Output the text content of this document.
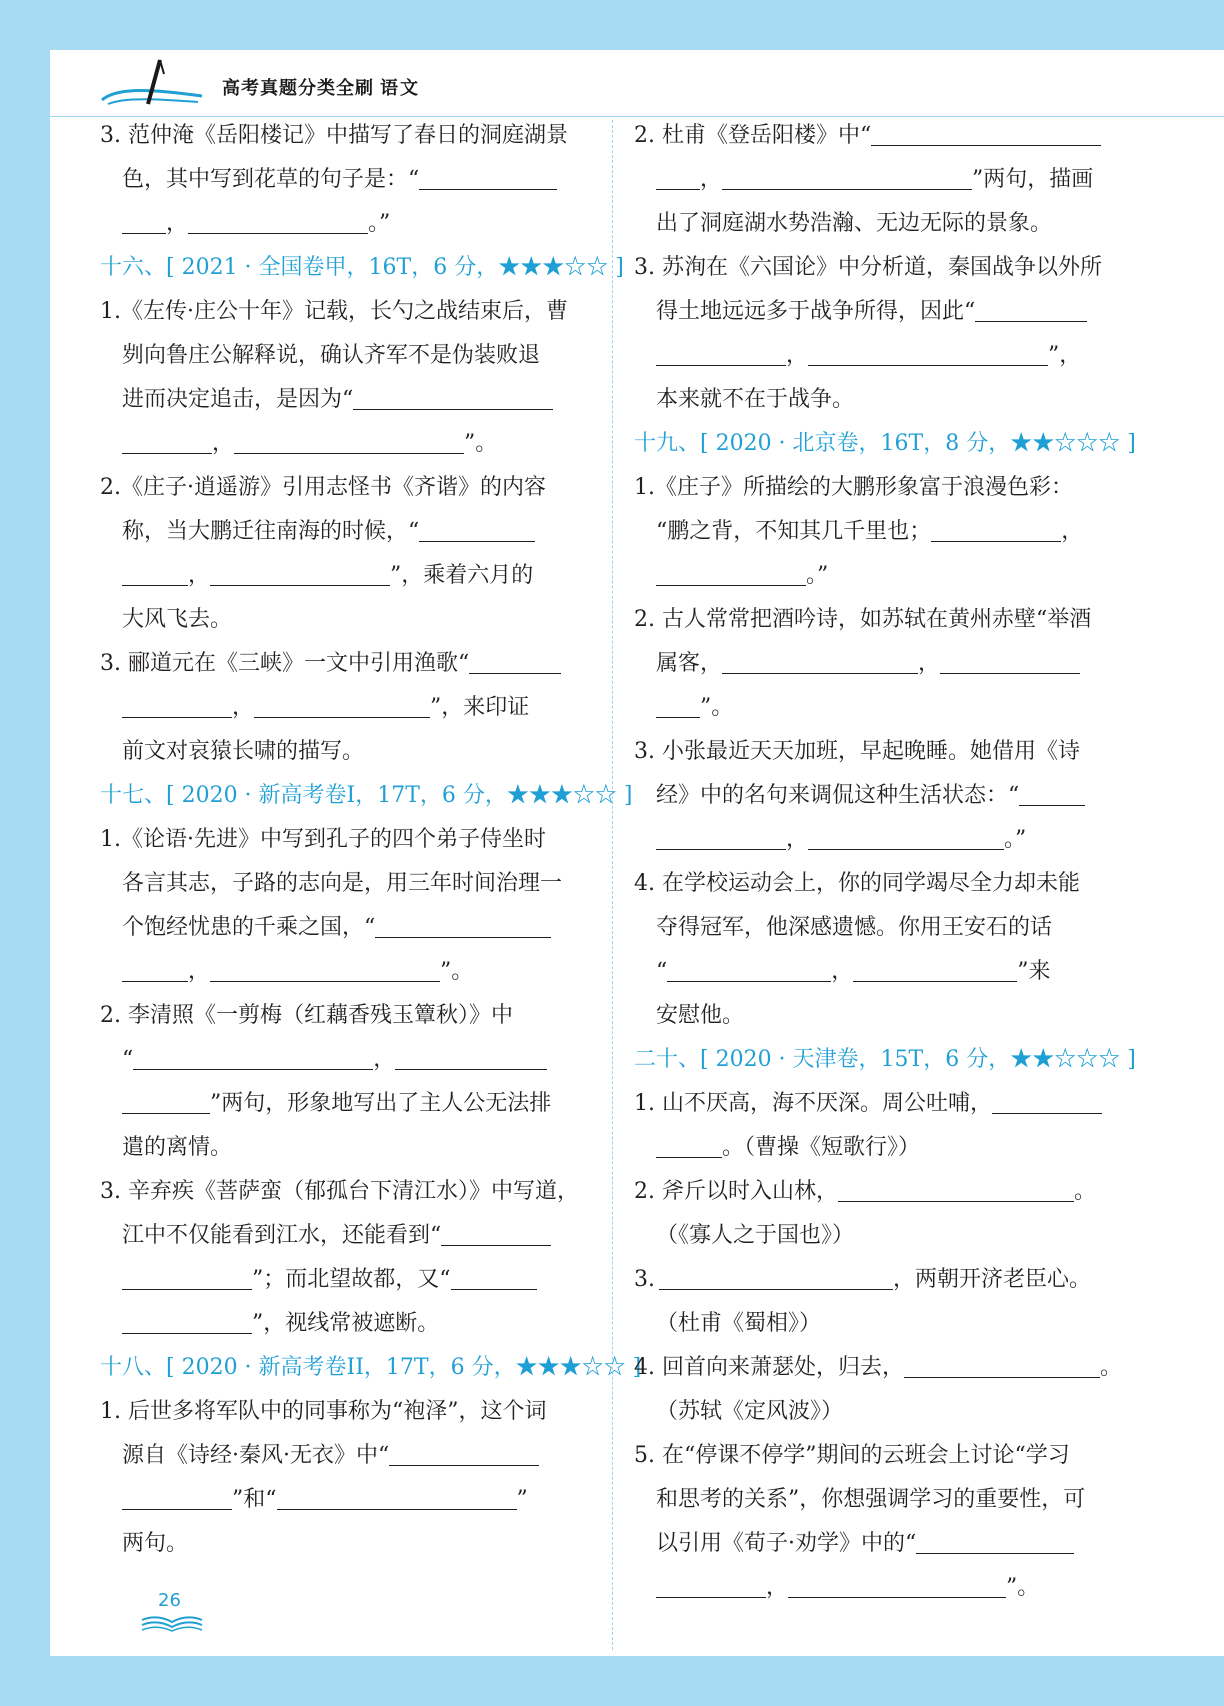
高考真题分类全刷 语文
3. 范仲淹《岳阳楼记》中描写了春日的洞庭湖景
色，其中写到花草的句子是：“
，	。”
十六、[ 2021 · 全国卷甲，16T，6 分，★★★☆☆ ]
1.《左传·庄公十年》记载，长勺之战结束后，曹
刿向鲁庄公解释说，确认齐军不是伪装败退
进而决定追击，是因为“
，	”。
2.《庄子·逍遥游》引用志怪书《齐谐》的内容
称，当大鹏迁往南海的时候，“
，	”，乘着六月的
大风飞去。
3. 郦道元在《三峡》一文中引用渔歌“
，	”，来印证
前文对哀猿长啸的描写。
十七、[ 2020 · 新高考卷I，17T，6 分，★★★☆☆ ]
1.《论语·先进》中写到孔子的四个弟子侍坐时
各言其志，子路的志向是，用三年时间治理一
个饱经忧患的千乘之国，“
，	”。
2. 李清照《一剪梅（红藕香残玉簟秋）》中
“	，
”两句，形象地写出了主人公无法排
遣的离情。
3. 辛弃疾《菩萨蛮（郁孤台下清江水）》中写道，
江中不仅能看到江水，还能看到“
”；而北望故都，又“
”，视线常被遮断。
十八、[ 2020 · 新高考卷II，17T，6 分，★★★☆☆ ]
1. 后世多将军队中的同事称为“袍泽”，这个词
源自《诗经·秦风·无衣》中“
”和“	”
两句。
26
2. 杜甫《登岳阳楼》中“
，	”两句，描画
出了洞庭湖水势浩瀚、无边无际的景象。
3. 苏洵在《六国论》中分析道，秦国战争以外所
得土地远远多于战争所得，因此“
，	”，
本来就不在于战争。
十九、[ 2020 · 北京卷，16T，8 分，★★☆☆☆ ]
1.《庄子》所描绘的大鹏形象富于浪漫色彩：
“鹏之背，不知其几千里也；	，
。”
2. 古人常常把酒吟诗，如苏轼在黄州赤壁“举酒
属客，	，
”。
3. 小张最近天天加班，早起晚睡。她借用《诗
经》中的名句来调侃这种生活状态：“
，	。”
4. 在学校运动会上，你的同学竭尽全力却未能
夺得冠军，他深感遗憾。你用王安石的话
“	，	”来
安慰他。
二十、[ 2020 · 天津卷，15T，6 分，★★☆☆☆ ]
1. 山不厌高，海不厌深。周公吐哺，
。（曹操《短歌行》）
2. 斧斤以时入山林，	。
（《寡人之于国也》）
3.	，两朝开济老臣心。
（杜甫《蜀相》）
4. 回首向来萧瑟处，归去，	。
（苏轼《定风波》）
5. 在“停课不停学”期间的云班会上讨论“学习
和思考的关系”，你想强调学习的重要性，可
以引用《荀子·劝学》中的“
，	”。
